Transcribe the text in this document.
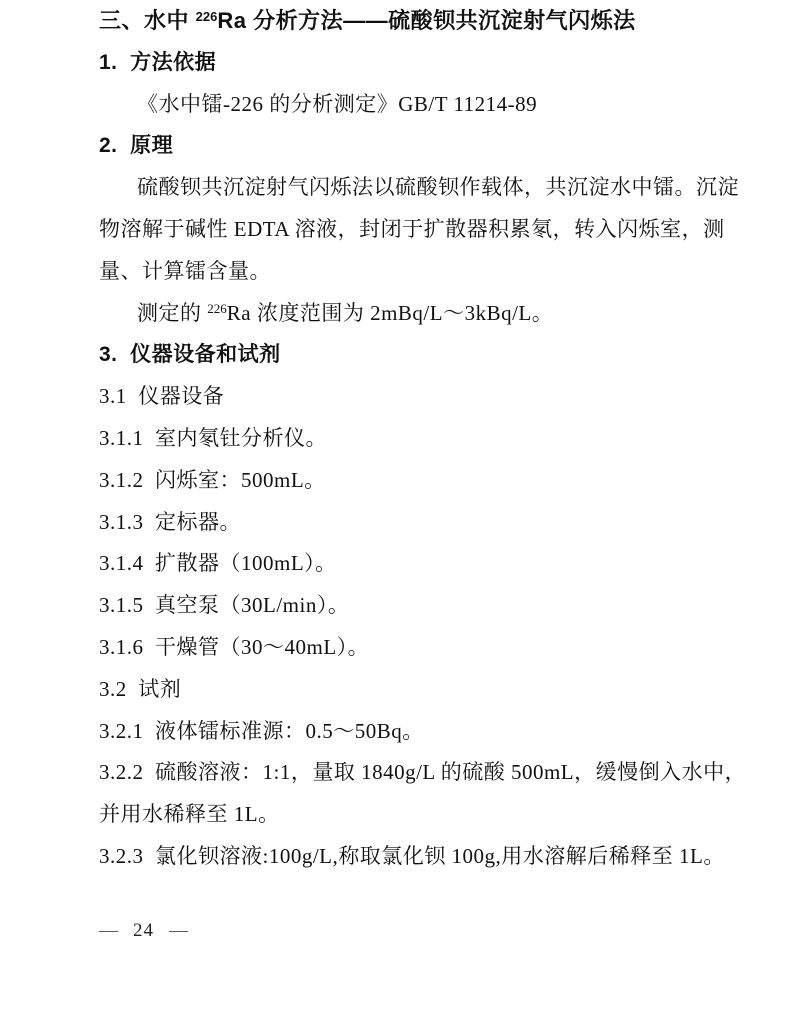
三、水中 $^{226}$Ra 分析方法——硫酸钡共沉淀射气闪烁法
1.  方法依据
《水中镭-226 的分析测定》GB/T 11214-89
2.  原理
硫酸钡共沉淀射气闪烁法以硫酸钡作载体，共沉淀水中镭。沉淀
物溶解于碱性 EDTA 溶液，封闭于扩散器积累氡，转入闪烁室，测
量、计算镭含量。
测定的 $^{226}$Ra 浓度范围为 2mBq/L～3kBq/L。
3.  仪器设备和试剂
3.1  仪器设备
3.1.1  室内氡钍分析仪。
3.1.2  闪烁室：500mL。
3.1.3  定标器。
3.1.4  扩散器（100mL）。
3.1.5  真空泵（30L/min）。
3.1.6  干燥管（30～40mL）。
3.2  试剂
3.2.1  液体镭标准源：0.5～50Bq。
3.2.2  硫酸溶液：1:1，量取 1840g/L 的硫酸 500mL，缓慢倒入水中，
并用水稀释至 1L。
3.2.3  氯化钡溶液:100g/L,称取氯化钡 100g,用水溶解后稀释至 1L。
— 24 —
